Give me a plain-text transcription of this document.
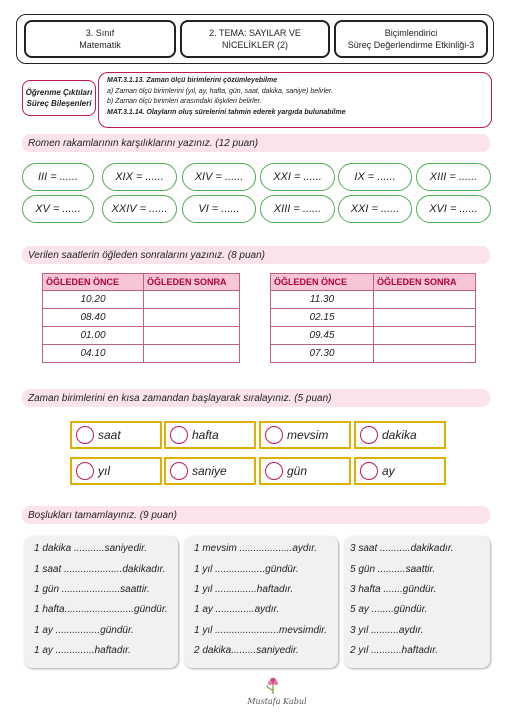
3. Sınıf
Matematik
2. TEMA: SAYILAR VE
NİCELİKLER (2)
Biçimlendirici
Süreç Değerlendirme Etkinliği-3
Öğrenme Çıktıları
Süreç Bileşenleri
MAT.3.1.13. Zaman ölçü birimlerini çözümleyebilme
a) Zaman ölçü birimlerini (yıl, ay, hafta, gün, saat, dakika, saniye) belirler.
b) Zaman ölçü birimleri arasındaki ilişkileri belirler.
MAT.3.1.14. Olayların oluş sürelerini tahmin ederek yargıda bulunabilme
Romen rakamlarının karşılıklarını yazınız. (12 puan)
III = ......	XIX = ......	XIV = ......	XXI = ......	IX = ......	XIII = ......
XV = ......	XXIV = ......	VI = ......	XIII = ......	XXI = ......	XVI = ......
Verilen saatlerin öğleden sonralarını yazınız. (8 puan)
ÖĞLEDEN ÖNCE	ÖĞLEDEN SONRA
10.20	
08.40	
01.00	
04.10	
ÖĞLEDEN ÖNCE	ÖĞLEDEN SONRA
11.30	
02.15	
09.45	
07.30	
Zaman birimlerini en kısa zamandan başlayarak sıralayınız. (5 puan)
saat	hafta	mevsim	dakika
yıl	saniye	gün	ay
Boşlukları tamamlayınız. (9 puan)
1 dakika ...........saniyedir.
1 saat .....................dakikadır.
1 gün .....................saattir.
1 hafta.........................gündür.
1 ay ................gündür.
1 ay ..............haftadır.
1 mevsim ...................aydır.
1 yıl ..................gündür.
1 yıl ...............haftadır.
1 ay ..............aydır.
1 yıl .......................mevsimdir.
2 dakika.........saniyedir.
3 saat ...........dakikadır.
5 gün ..........saattir.
3 hafta .......gündür.
5 ay ........gündür.
3 yıl ..........aydır.
2 yıl ...........haftadır.
Mustafa Kabul
